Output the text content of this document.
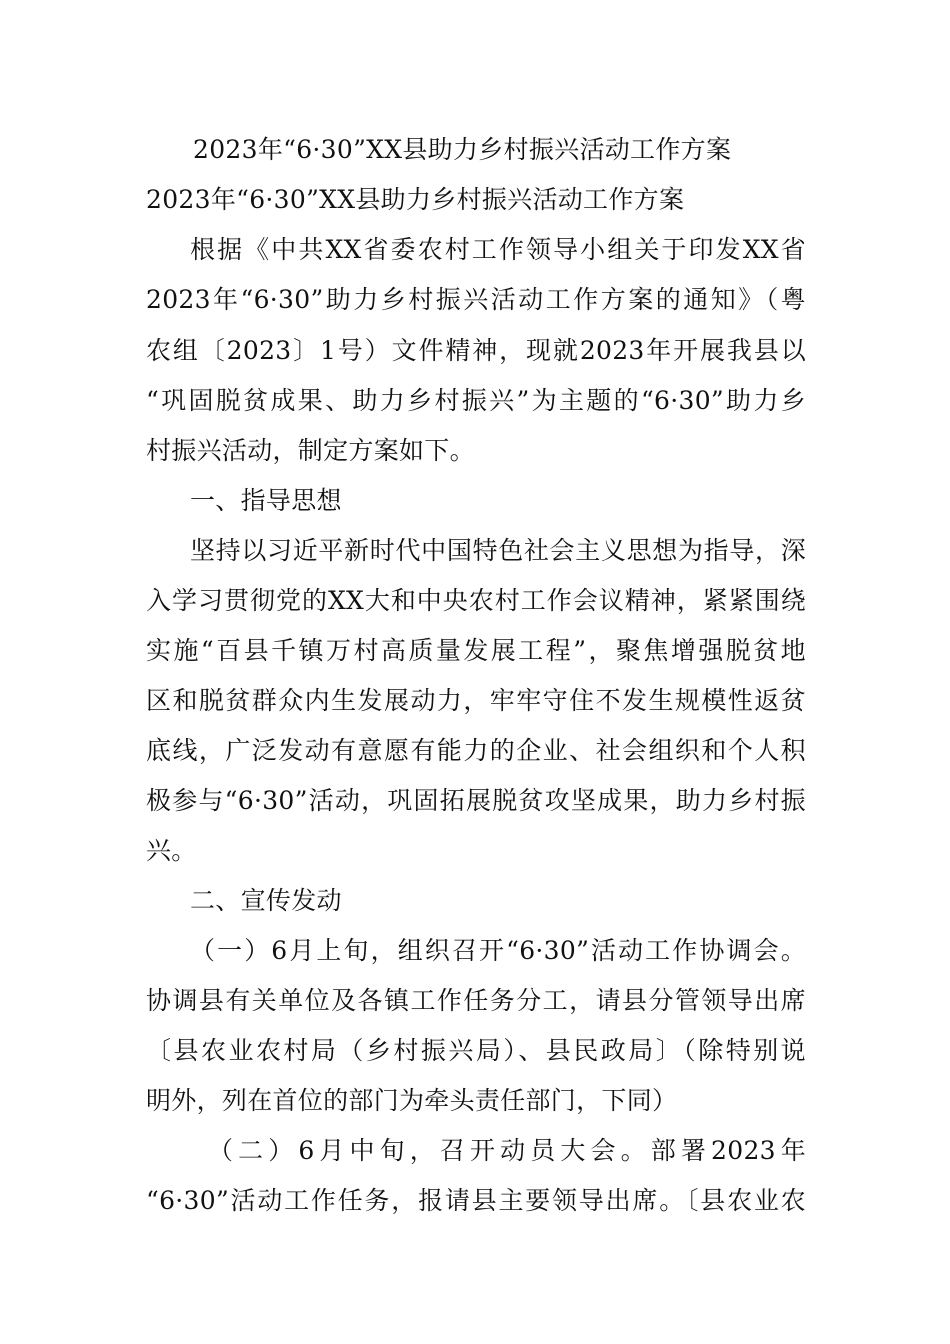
2023年“6·30”XX县助力乡村振兴活动工作方案
2023年“6·30”XX县助力乡村振兴活动工作方案
根据《中共XX省委农村工作领导小组关于印发XX省
2023年“6·30”助力乡村振兴活动工作方案的通知》（粤
农组〔2023〕1号）文件精神，现就2023年开展我县以
“巩固脱贫成果、助力乡村振兴”为主题的“6·30”助力乡
村振兴活动，制定方案如下。
一、指导思想
坚持以习近平新时代中国特色社会主义思想为指导，深
入学习贯彻党的XX大和中央农村工作会议精神，紧紧围绕
实施“百县千镇万村高质量发展工程”，聚焦增强脱贫地
区和脱贫群众内生发展动力，牢牢守住不发生规模性返贫
底线，广泛发动有意愿有能力的企业、社会组织和个人积
极参与“6·30”活动，巩固拓展脱贫攻坚成果，助力乡村振
兴。
二、宣传发动
（一）6月上旬，组织召开“6·30”活动工作协调会。
协调县有关单位及各镇工作任务分工，请县分管领导出席
〔县农业农村局（乡村振兴局）、县民政局〕（除特别说
明外，列在首位的部门为牵头责任部门，下同）
（二）6月中旬，召开动员大会。部署2023年
“6·30”活动工作任务，报请县主要领导出席。〔县农业农
